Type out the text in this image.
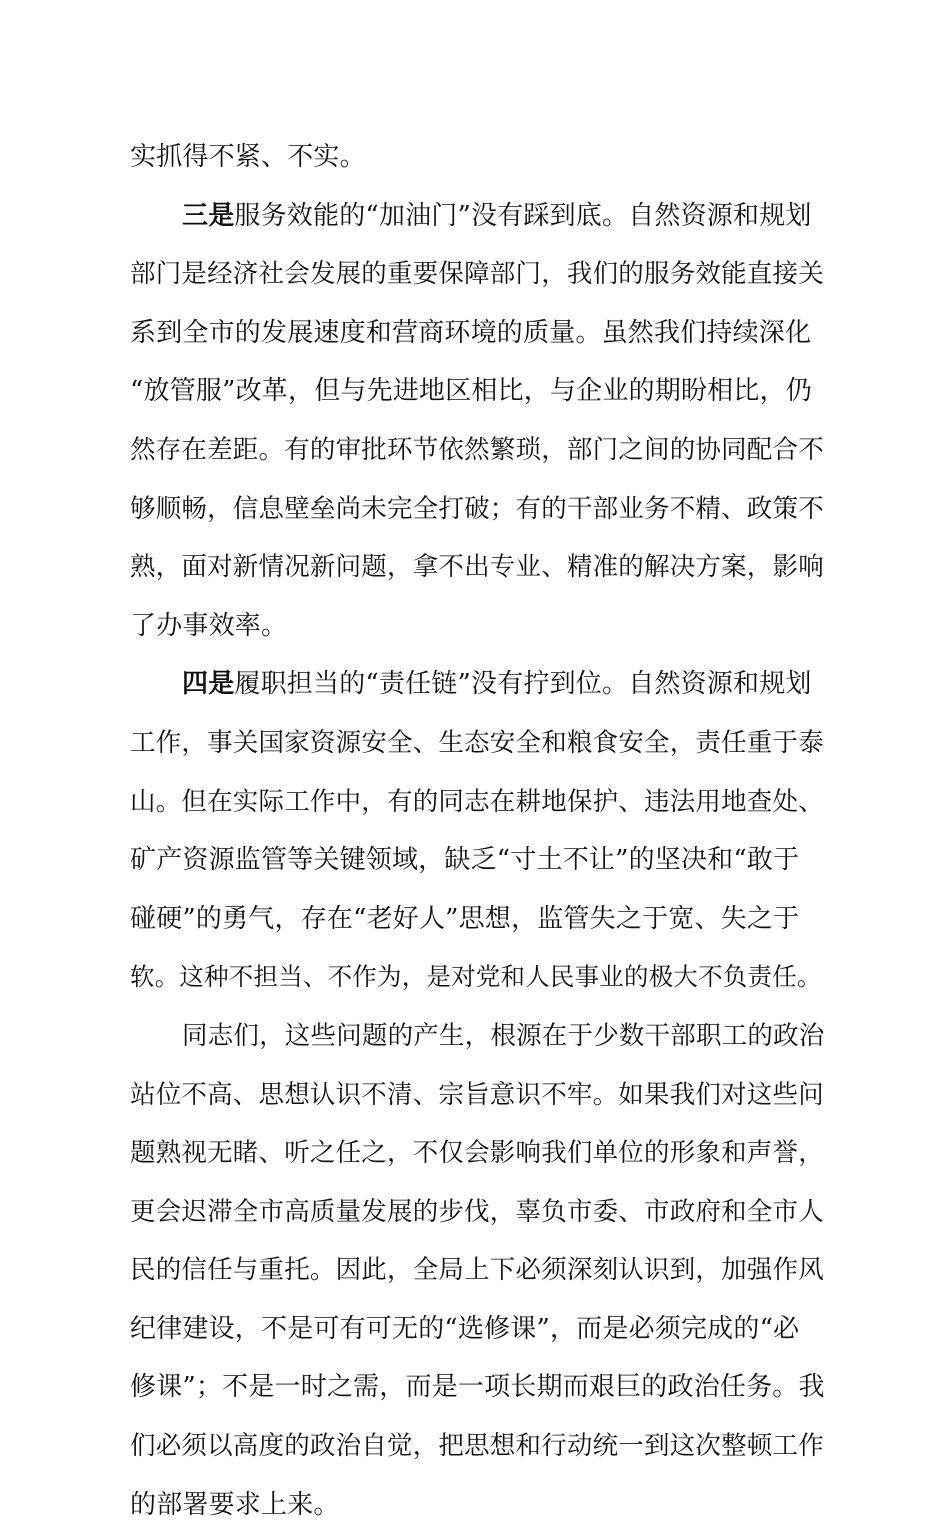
实抓得不紧、不实。
三是服务效能的“加油门”没有踩到底。自然资源和规划
部门是经济社会发展的重要保障部门，我们的服务效能直接关
系到全市的发展速度和营商环境的质量。虽然我们持续深化
“放管服”改革，但与先进地区相比，与企业的期盼相比，仍
然存在差距。有的审批环节依然繁琐，部门之间的协同配合不
够顺畅，信息壁垒尚未完全打破；有的干部业务不精、政策不
熟，面对新情况新问题，拿不出专业、精准的解决方案，影响
了办事效率。
四是履职担当的“责任链”没有拧到位。自然资源和规划
工作，事关国家资源安全、生态安全和粮食安全，责任重于泰
山。但在实际工作中，有的同志在耕地保护、违法用地查处、
矿产资源监管等关键领域，缺乏“寸土不让”的坚决和“敢于
碰硬”的勇气，存在“老好人”思想，监管失之于宽、失之于
软。这种不担当、不作为，是对党和人民事业的极大不负责任。
同志们，这些问题的产生，根源在于少数干部职工的政治
站位不高、思想认识不清、宗旨意识不牢。如果我们对这些问
题熟视无睹、听之任之，不仅会影响我们单位的形象和声誉，
更会迟滞全市高质量发展的步伐，辜负市委、市政府和全市人
民的信任与重托。因此，全局上下必须深刻认识到，加强作风
纪律建设，不是可有可无的“选修课”，而是必须完成的“必
修课”；不是一时之需，而是一项长期而艰巨的政治任务。我
们必须以高度的政治自觉，把思想和行动统一到这次整顿工作
的部署要求上来。
